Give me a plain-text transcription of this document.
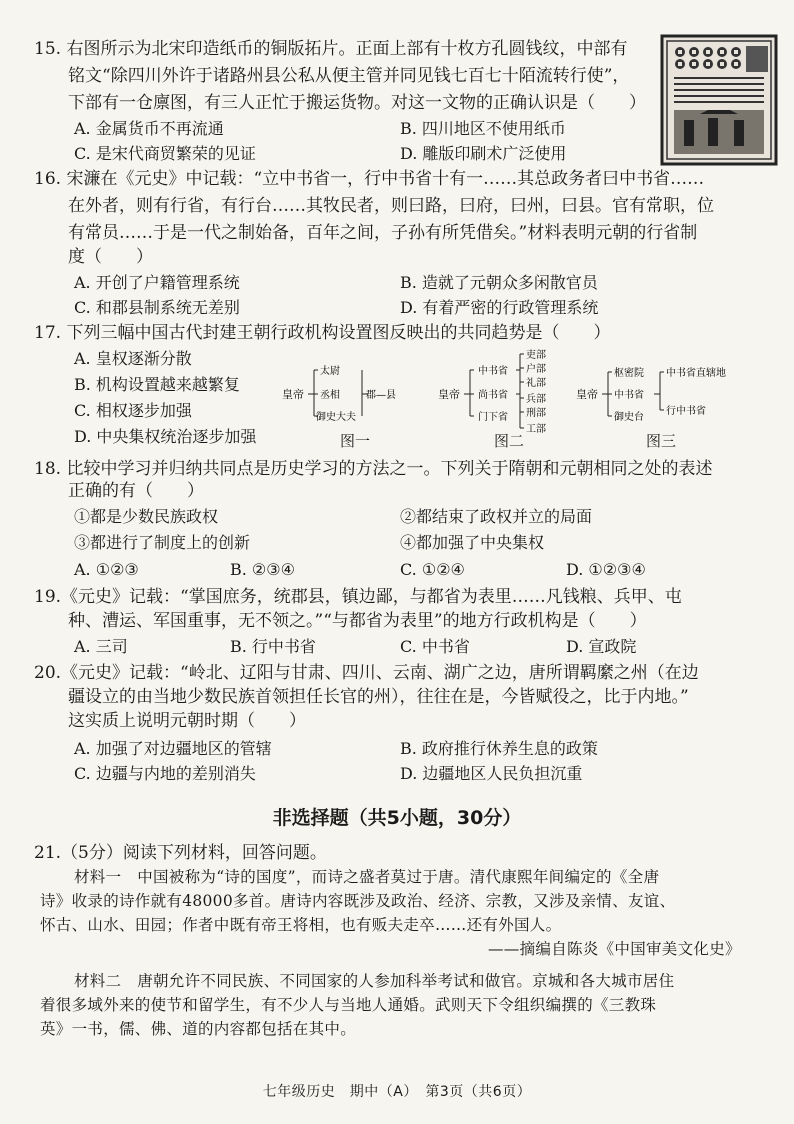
15. 右图所示为北宋印造纸币的铜版拓片。正面上部有十枚方孔圆钱纹，中部有
铭文“除四川外许于诸路州县公私从便主管并同见钱七百七十陌流转行使”，
下部有一仓廪图，有三人正忙于搬运货物。对这一文物的正确认识是（　　）
A. 金属货币不再流通	B. 四川地区不使用纸币
C. 是宋代商贸繁荣的见证	D. 雕版印刷术广泛使用
16. 宋濂在《元史》中记载：“立中书省一，行中书省十有一……其总政务者曰中书省……
在外者，则有行省，有行台……其牧民者，则曰路，曰府，曰州，曰县。官有常职，位
有常员……于是一代之制始备，百年之间，子孙有所凭借矣。”材料表明元朝的行省制
度（　　）
A. 开创了户籍管理系统	B. 造就了元朝众多闲散官员
C. 和郡县制系统无差别	D. 有着严密的行政管理系统
17. 下列三幅中国古代封建王朝行政机构设置图反映出的共同趋势是（　　）
A. 皇权逐渐分散
B. 机构设置越来越繁复
C. 相权逐步加强
D. 中央集权统治逐步加强
皇帝
太尉
丞相
御史大夫
郡—县
图一
皇帝
中书省
尚书省
门下省
吏部
户部
礼部
兵部
刑部
工部
图二
皇帝
枢密院
中书省
御史台
中书省直辖地
行中书省
图三
18. 比较中学习并归纳共同点是历史学习的方法之一。下列关于隋朝和元朝相同之处的表述
正确的有（　　）
①都是少数民族政权	②都结束了政权并立的局面
③都进行了制度上的创新	④都加强了中央集权
A. ①②③	B. ②③④	C. ①②④	D. ①②③④
19.《元史》记载：“掌国庶务，统郡县，镇边鄙，与都省为表里……凡钱粮、兵甲、屯
种、漕运、军国重事，无不领之。”“与都省为表里”的地方行政机构是（　　）
A. 三司	B. 行中书省	C. 中书省	D. 宣政院
20.《元史》记载：“岭北、辽阳与甘肃、四川、云南、湖广之边，唐所谓羁縻之州（在边
疆设立的由当地少数民族首领担任长官的州），往往在是，今皆赋役之，比于内地。”
这实质上说明元朝时期（　　）
A. 加强了对边疆地区的管辖	B. 政府推行休养生息的政策
C. 边疆与内地的差别消失	D. 边疆地区人民负担沉重
非选择题（共5小题，30分）
21.（5分）阅读下列材料，回答问题。
材料一　中国被称为“诗的国度”，而诗之盛者莫过于唐。清代康熙年间编定的《全唐
诗》收录的诗作就有48000多首。唐诗内容既涉及政治、经济、宗教，又涉及亲情、友谊、
怀古、山水、田园；作者中既有帝王将相，也有贩夫走卒……还有外国人。
——摘编自陈炎《中国审美文化史》
材料二　唐朝允许不同民族、不同国家的人参加科举考试和做官。京城和各大城市居住
着很多域外来的使节和留学生，有不少人与当地人通婚。武则天下令组织编撰的《三教珠
英》一书，儒、佛、道的内容都包括在其中。
七年级历史　期中（A）　第3页（共6页）
